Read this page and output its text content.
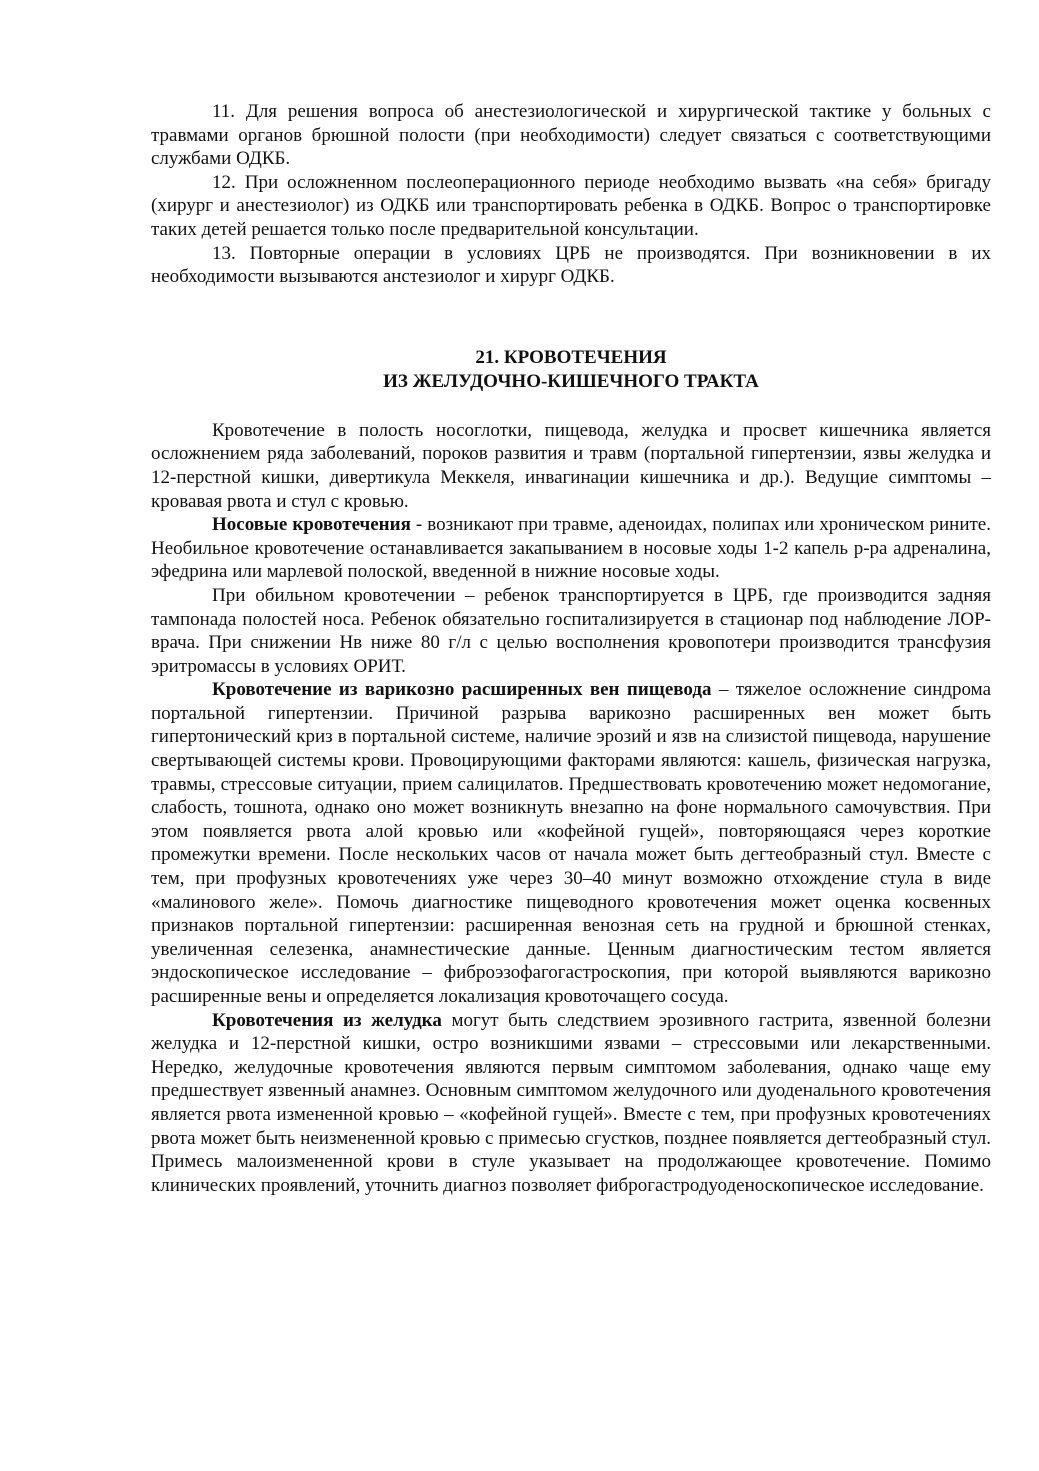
11. Для решения вопроса об анестезиологической и хирургической тактике у больных с травмами органов брюшной полости (при необходимости) следует связаться с соответствующими службами ОДКБ.

12. При осложненном послеоперационного периоде необходимо вызвать «на себя» бригаду (хирург и анестезиолог) из ОДКБ или транспортировать ребенка в ОДКБ. Вопрос о транспортировке таких детей решается только после предварительной консультации.

13. Повторные операции в условиях ЦРБ не производятся. При возникновении в их необходимости вызываются анстезиолог и хирург ОДКБ.

21. КРОВОТЕЧЕНИЯ
ИЗ ЖЕЛУДОЧНО-КИШЕЧНОГО ТРАКТА

Кровотечение в полость носоглотки, пищевода, желудка и просвет кишечника является осложнением ряда заболеваний, пороков развития и травм (портальной гипертензии, язвы желудка и 12-перстной кишки, дивертикула Меккеля, инвагинации кишечника и др.). Ведущие симптомы – кровавая рвота и стул с кровью.

Носовые кровотечения - возникают при травме, аденоидах, полипах или хроническом рините. Необильное кровотечение останавливается закапыванием в носовые ходы 1-2 капель р-ра адреналина, эфедрина или марлевой полоской, введенной в нижние носовые ходы.

При обильном кровотечении – ребенок транспортируется в ЦРБ, где производится задняя тампонада полостей носа. Ребенок обязательно госпитализируется в стационар под наблюдение ЛОР-врача. При снижении Нв ниже 80 г/л с целью восполнения кровопотери производится трансфузия эритромассы в условиях ОРИТ.

Кровотечение из варикозно расширенных вен пищевода – тяжелое осложнение синдрома портальной гипертензии. Причиной разрыва варикозно расширенных вен может быть гипертонический криз в портальной системе, наличие эрозий и язв на слизистой пищевода, нарушение свертывающей системы крови. Провоцирующими факторами являются: кашель, физическая нагрузка, травмы, стрессовые ситуации, прием салицилатов. Предшествовать кровотечению может недомогание, слабость, тошнота, однако оно может возникнуть внезапно на фоне нормального самочувствия. При этом появляется рвота алой кровью или «кофейной гущей», повторяющаяся через короткие промежутки времени. После нескольких часов от начала может быть дегтеобразный стул. Вместе с тем, при профузных кровотечениях уже через 30–40 минут возможно отхождение стула в виде «малинового желе». Помочь диагностике пищеводного кровотечения может оценка косвенных признаков портальной гипертензии: расширенная венозная сеть на грудной и брюшной стенках, увеличенная селезенка, анамнестические данные. Ценным диагностическим тестом является эндоскопическое исследование – фиброэзофагогастроскопия, при которой выявляются варикозно расширенные вены и определяется локализация кровоточащего сосуда.

Кровотечения из желудка могут быть следствием эрозивного гастрита, язвенной болезни желудка и 12-перстной кишки, остро возникшими язвами – стрессовыми или лекарственными. Нередко, желудочные кровотечения являются первым симптомом заболевания, однако чаще ему предшествует язвенный анамнез. Основным симптомом желудочного или дуоденального кровотечения является рвота измененной кровью – «кофейной гущей». Вместе с тем, при профузных кровотечениях рвота может быть неизмененной кровью с примесью сгустков, позднее появляется дегтеобразный стул. Примесь малоизмененной крови в стуле указывает на продолжающее кровотечение. Помимо клинических проявлений, уточнить диагноз позволяет фиброгастродуоденоскопическое исследование.
